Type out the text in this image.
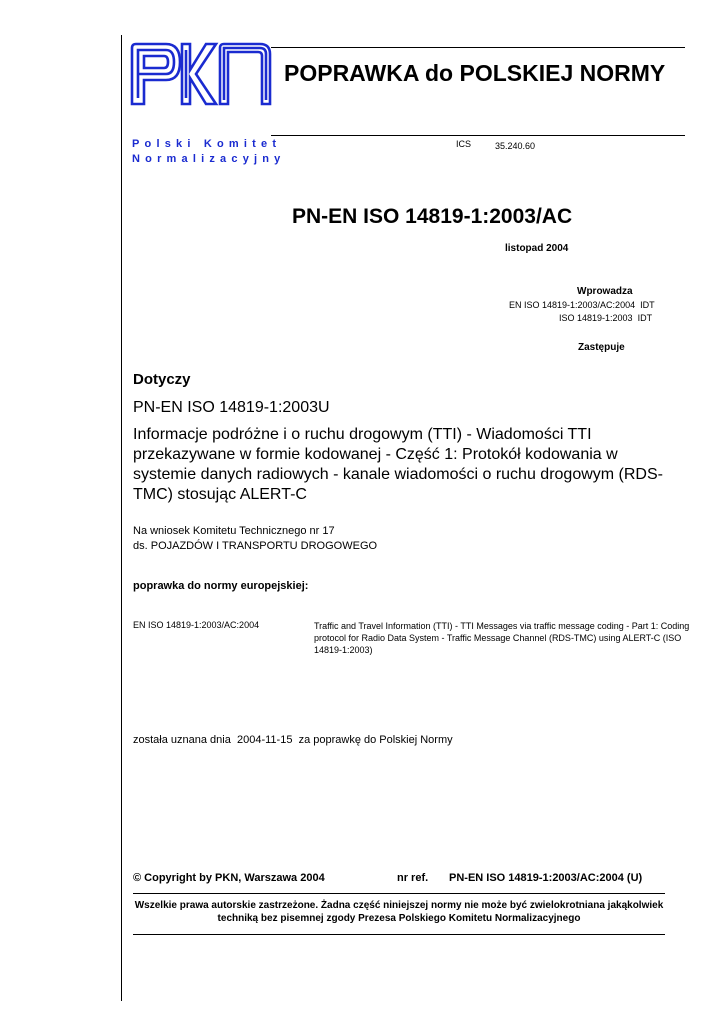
POPRAWKA do POLSKIEJ NORMY
Polski Komitet
Normalizacyjny
ICS	35.240.60
PN-EN ISO 14819-1:2003/AC
listopad 2004
Wprowadza
EN ISO 14819-1:2003/AC:2004 IDT
ISO 14819-1:2003 IDT
Zastępuje
Dotyczy
PN-EN ISO 14819-1:2003U
Informacje podróżne i o ruchu drogowym (TTI) - Wiadomości TTI przekazywane w formie kodowanej - Część 1: Protokół kodowania w systemie danych radiowych - kanale wiadomości o ruchu drogowym (RDS-TMC) stosując ALERT-C
Na wniosek Komitetu Technicznego nr 17
ds. POJAZDÓW I TRANSPORTU DROGOWEGO
poprawka do normy europejskiej:
EN ISO 14819-1:2003/AC:2004	Traffic and Travel Information (TTI) - TTI Messages via traffic message coding - Part 1: Coding protocol for Radio Data System - Traffic Message Channel (RDS-TMC) using ALERT-C (ISO 14819-1:2003)
została uznana dnia 2004-11-15 za poprawkę do Polskiej Normy
© Copyright by PKN, Warszawa 2004	nr ref. PN-EN ISO 14819-1:2003/AC:2004 (U)
Wszelkie prawa autorskie zastrzeżone. Żadna część niniejszej normy nie może być zwielokrotniana jakąkolwiek techniką bez pisemnej zgody Prezesa Polskiego Komitetu Normalizacyjnego
